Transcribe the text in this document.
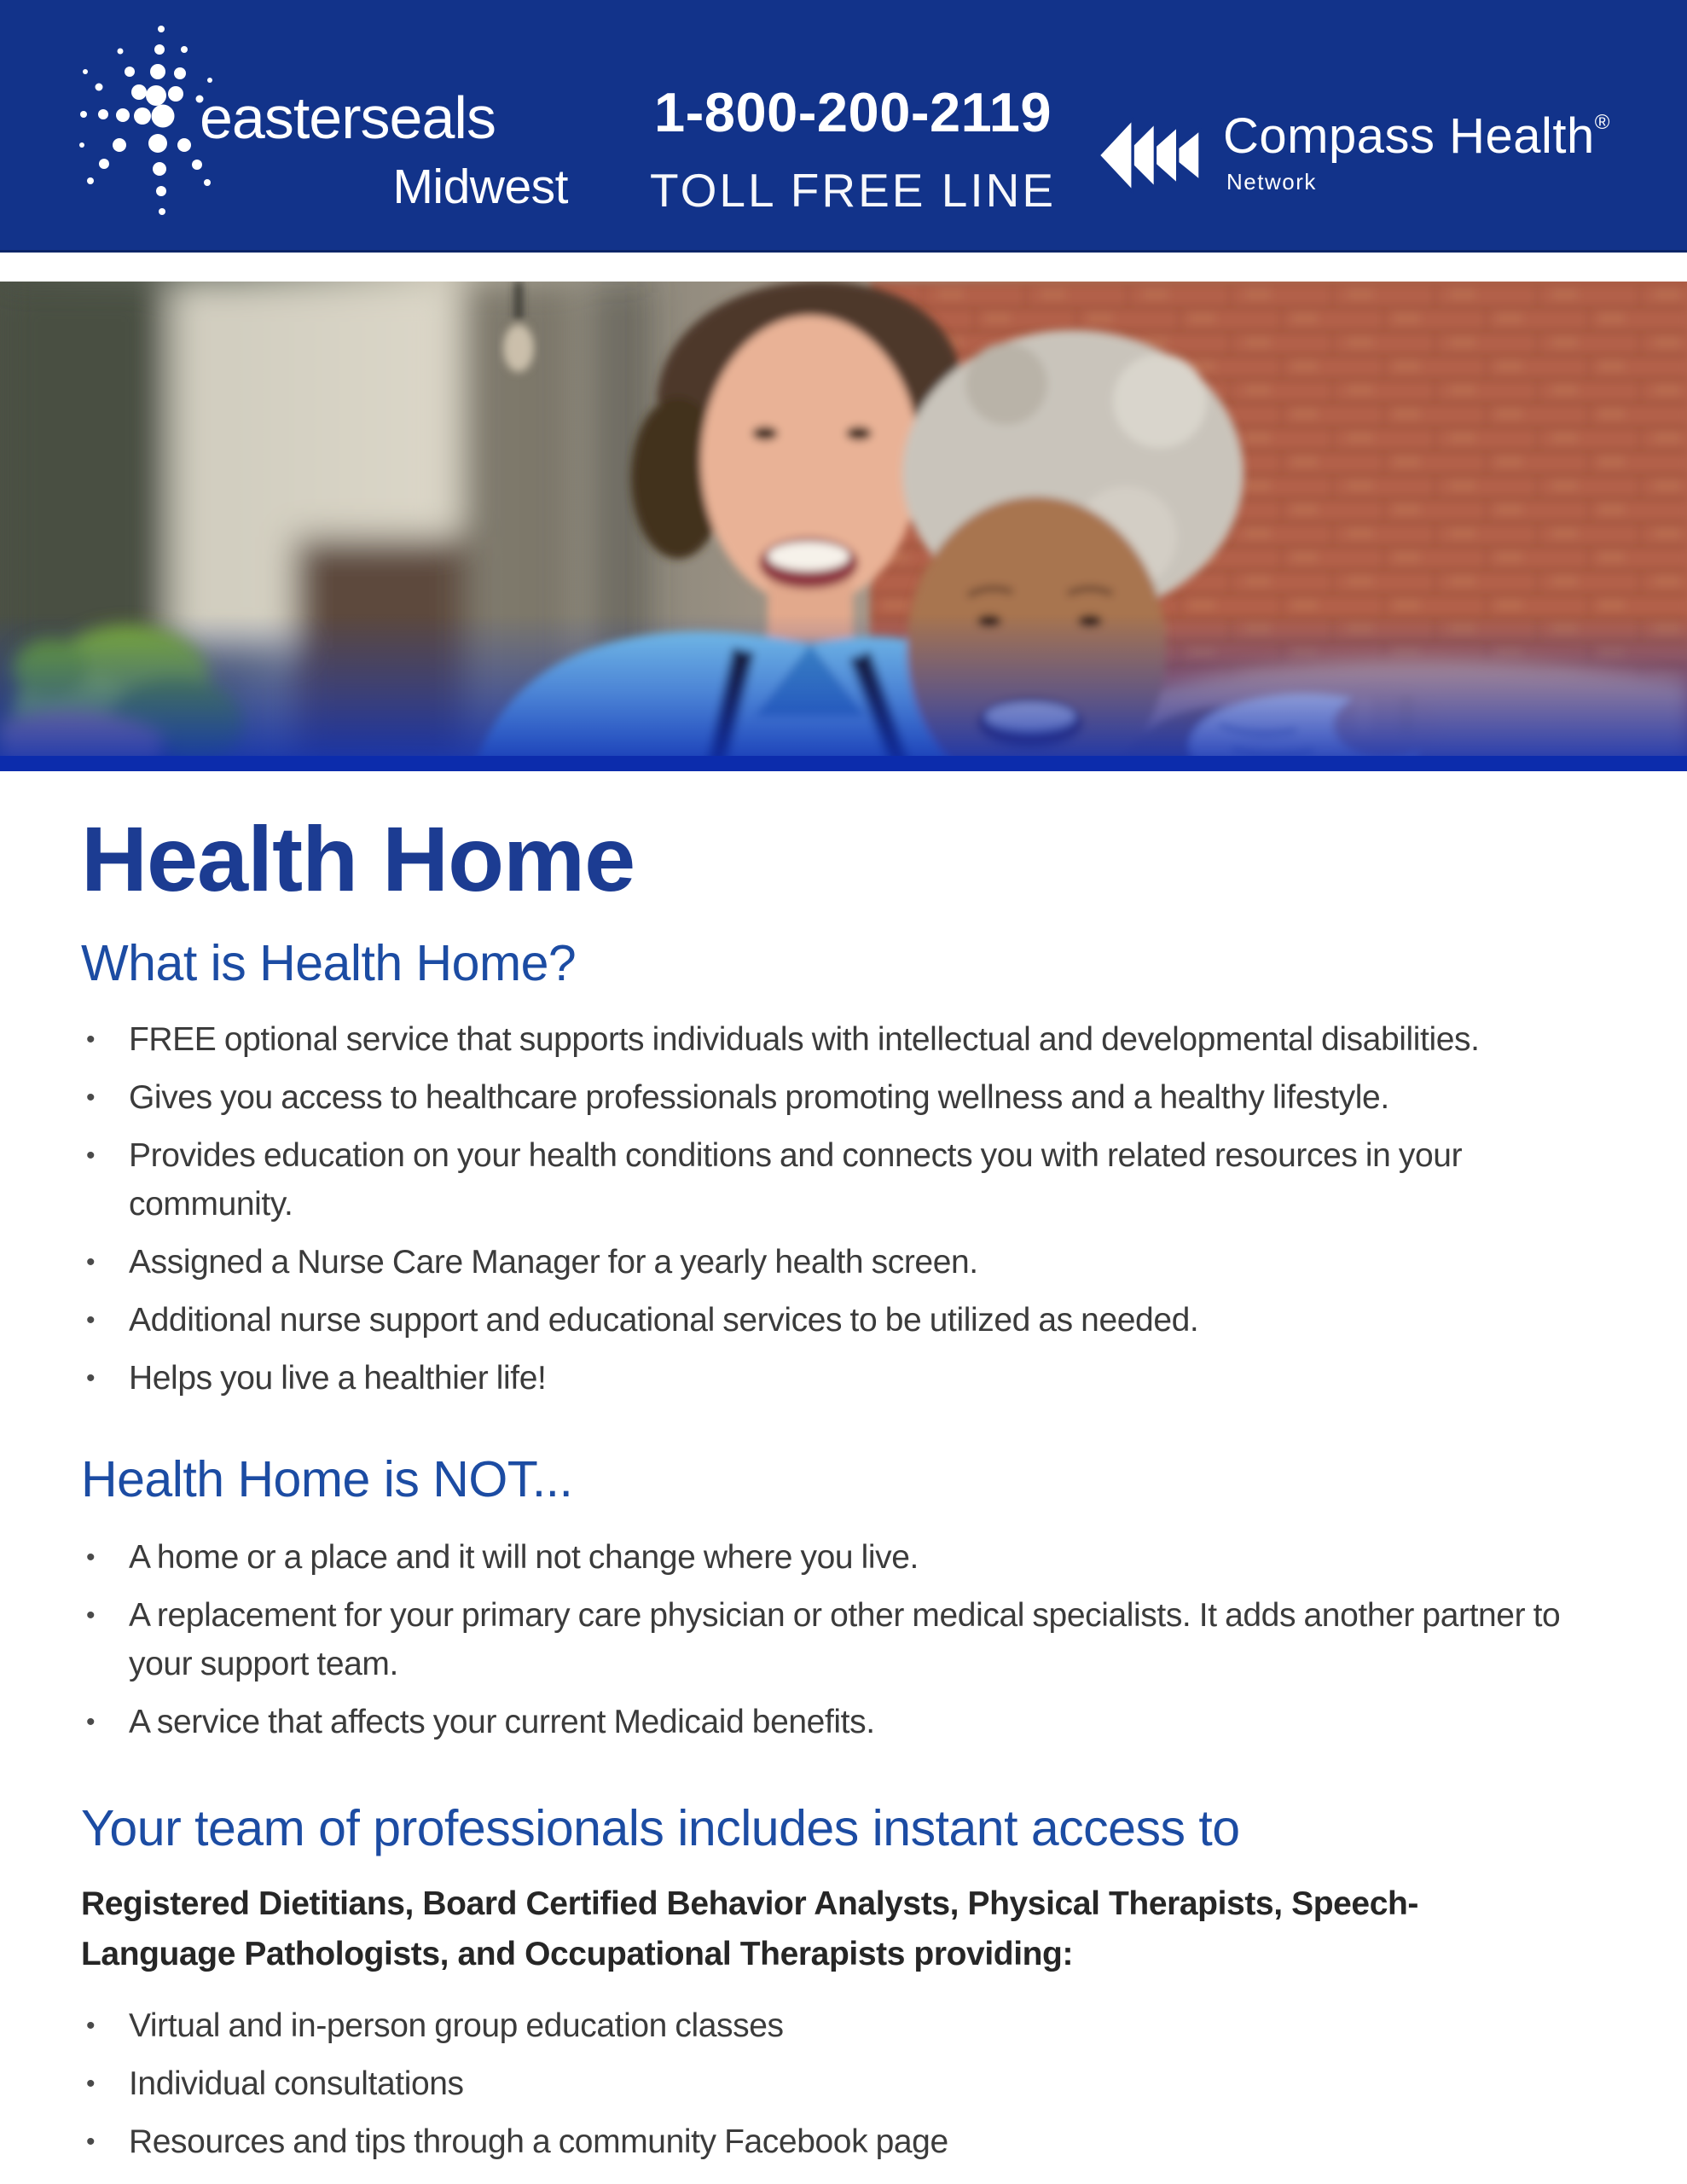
easterseals
Midwest
1-800-200-2119
TOLL FREE LINE
Compass Health®
Network
Health Home
What is Health Home?
• FREE optional service that supports individuals with intellectual and developmental disabilities.
• Gives you access to healthcare professionals promoting wellness and a healthy lifestyle.
• Provides education on your health conditions and connects you with related resources in your community.
• Assigned a Nurse Care Manager for a yearly health screen.
• Additional nurse support and educational services to be utilized as needed.
• Helps you live a healthier life!
Health Home is NOT...
• A home or a place and it will not change where you live.
• A replacement for your primary care physician or other medical specialists. It adds another partner to your support team.
• A service that affects your current Medicaid benefits.
Your team of professionals includes instant access to

Registered Dietitians, Board Certified Behavior Analysts, Physical Therapists, Speech-Language Pathologists, and Occupational Therapists providing:

• Virtual and in-person group education classes
• Individual consultations
• Resources and tips through a community Facebook page
